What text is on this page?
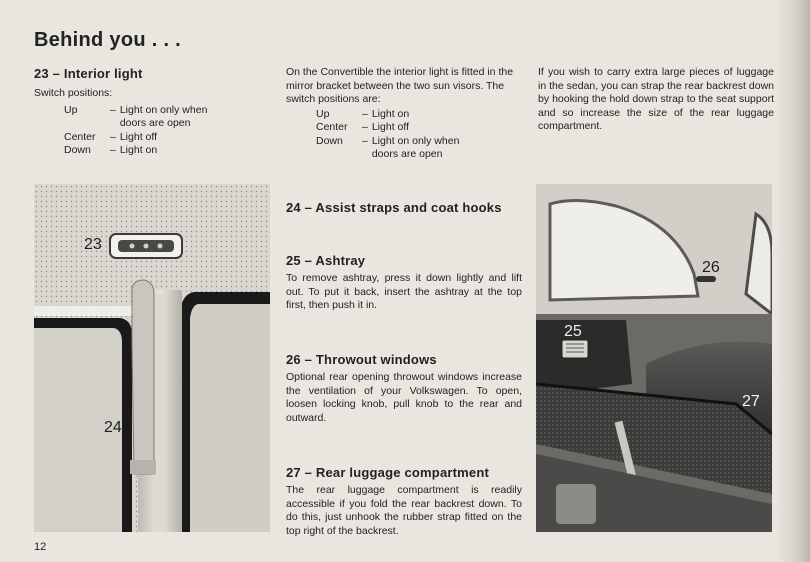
Behind you . . .
23 – Interior light
Switch positions:
Up	–	Light on only when doors are open
Center	–	Light off
Down	–	Light on
On the Convertible the interior light is fitted in the mirror bracket between the two sun visors. The switch positions are:
Up	–	Light on
Center	–	Light off
Down	–	Light on only when doors are open
If you wish to carry extra large pieces of luggage in the sedan, you can strap the rear backrest down by hooking the hold down strap to the seat support and so increase the size of the rear luggage compartment.
23
24
26
25
27
24 – Assist straps and coat hooks
25 – Ashtray

To remove ashtray, press it down lightly and lift out. To put it back, insert the ashtray at the top first, then push it in.

26 – Throwout windows

Optional rear opening throwout windows increase the ventilation of your Volkswagen. To open, loosen locking knob, pull knob to the rear and outward.

27 – Rear luggage compartment

The rear luggage compartment is readily accessible if you fold the rear backrest down. To do this, just unhook the rubber strap fitted on the top right of the backrest.

12
